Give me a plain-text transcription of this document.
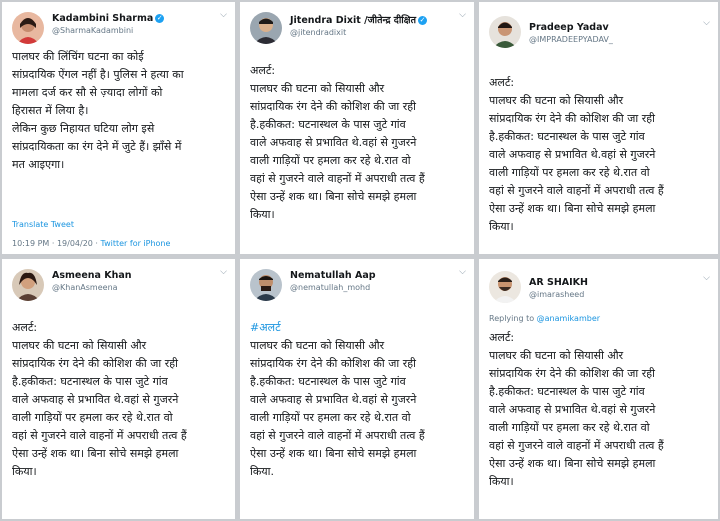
Kadambini Sharma ✓
@SharmaKadambini
⌵
पालघर की लिंचिंग घटना का कोई
सांप्रदायिक ऐंगल नहीं है। पुलिस ने हत्या का
मामला दर्ज कर सौ से ज़्यादा लोगों को
हिरासत में लिया है।
लेकिन कुछ निहायत घटिया लोग इसे
सांप्रदायिकता का रंग देने में जुटे हैं। झाँसे में
मत आइएगा।
Translate Tweet
10:19 PM · 19/04/20 · Twitter for iPhone
Jitendra Dixit /जीतेन्द्र दीक्षित ✓
@jitendradixit
⌵
अलर्ट:
पालघर की घटना को सियासी और
सांप्रदायिक रंग देने की कोशिश की जा रही
है.हकीकत: घटनास्थल के पास जुटे गांव
वाले अफवाह से प्रभावित थे.वहां से गुजरने
वाली गाड़ियों पर हमला कर रहे थे.रात वो
वहां से गुजरने वाले वाहनों में अपराधी तत्व हैं
ऐसा उन्हें शक था। बिना सोचे समझे हमला
किया।
Pradeep Yadav
@IMPRADEEPYADAV_
⌵
अलर्ट:
पालघर की घटना को सियासी और
सांप्रदायिक रंग देने की कोशिश की जा रही
है.हकीकत: घटनास्थल के पास जुटे गांव
वाले अफवाह से प्रभावित थे.वहां से गुजरने
वाली गाड़ियों पर हमला कर रहे थे.रात वो
वहां से गुजरने वाले वाहनों में अपराधी तत्व हैं
ऐसा उन्हें शक था। बिना सोचे समझे हमला
किया।
Asmeena Khan
@KhanAsmeena
⌵
अलर्ट:
पालघर की घटना को सियासी और
सांप्रदायिक रंग देने की कोशिश की जा रही
है.हकीकत: घटनास्थल के पास जुटे गांव
वाले अफवाह से प्रभावित थे.वहां से गुजरने
वाली गाड़ियों पर हमला कर रहे थे.रात वो
वहां से गुजरने वाले वाहनों में अपराधी तत्व हैं
ऐसा उन्हें शक था। बिना सोचे समझे हमला
किया।
Nematullah Aap
@nematullah_mohd
⌵
#अलर्ट
पालघर की घटना को सियासी और
सांप्रदायिक रंग देने की कोशिश की जा रही
है.हकीकत: घटनास्थल के पास जुटे गांव
वाले अफवाह से प्रभावित थे.वहां से गुजरने
वाली गाड़ियों पर हमला कर रहे थे.रात वो
वहां से गुजरने वाले वाहनों में अपराधी तत्व हैं
ऐसा उन्हें शक था। बिना सोचे समझे हमला
किया.
AR SHAIKH
@imarasheed
⌵
Replying to @anamikamber
अलर्ट:
पालघर की घटना को सियासी और
सांप्रदायिक रंग देने की कोशिश की जा रही
है.हकीकत: घटनास्थल के पास जुटे गांव
वाले अफवाह से प्रभावित थे.वहां से गुजरने
वाली गाड़ियों पर हमला कर रहे थे.रात वो
वहां से गुजरने वाले वाहनों में अपराधी तत्व हैं
ऐसा उन्हें शक था। बिना सोचे समझे हमला
किया।
